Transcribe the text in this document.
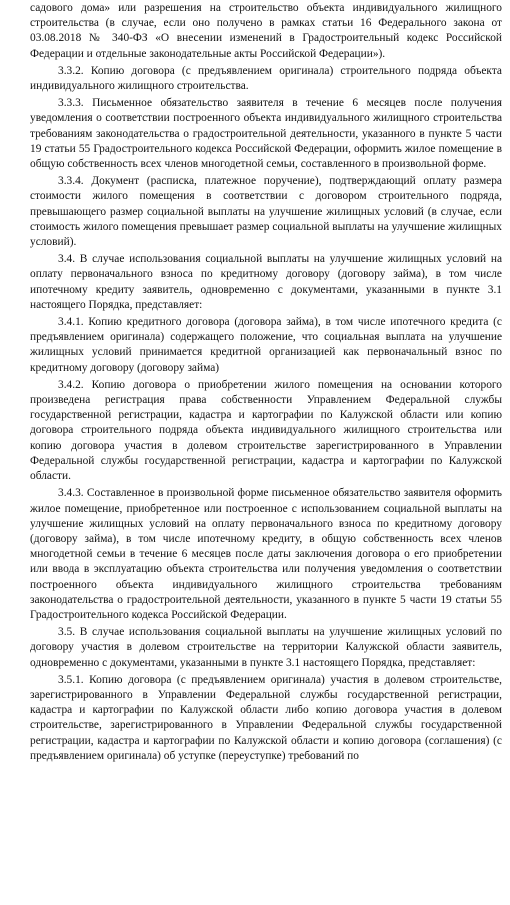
садового дома» или разрешения на строительство объекта индивидуального жилищного строительства (в случае, если оно получено в рамках статьи 16 Федерального закона от 03.08.2018 № 340-ФЗ «О внесении изменений в Градостроительный кодекс Российской Федерации и отдельные законодательные акты Российской Федерации»).

3.3.2. Копию договора (с предъявлением оригинала) строительного подряда объекта индивидуального жилищного строительства.

3.3.3. Письменное обязательство заявителя в течение 6 месяцев после получения уведомления о соответствии построенного объекта индивидуального жилищного строительства требованиям законодательства о градостроительной деятельности, указанного в пункте 5 части 19 статьи 55 Градостроительного кодекса Российской Федерации, оформить жилое помещение в общую собственность всех членов многодетной семьи, составленного в произвольной форме.

3.3.4. Документ (расписка, платежное поручение), подтверждающий оплату размера стоимости жилого помещения в соответствии с договором строительного подряда, превышающего размер социальной выплаты на улучшение жилищных условий (в случае, если стоимость жилого помещения превышает размер социальной выплаты на улучшение жилищных условий).

3.4. В случае использования социальной выплаты на улучшение жилищных условий на оплату первоначального взноса по кредитному договору (договору займа), в том числе ипотечному кредиту заявитель, одновременно с документами, указанными в пункте 3.1 настоящего Порядка, представляет:

3.4.1. Копию кредитного договора (договора займа), в том числе ипотечного кредита (с предъявлением оригинала) содержащего положение, что социальная выплата на улучшение жилищных условий принимается кредитной организацией как первоначальный взнос по кредитному договору (договору займа)

3.4.2. Копию договора о приобретении жилого помещения на основании которого произведена регистрация права собственности Управлением Федеральной службы государственной регистрации, кадастра и картографии по Калужской области или копию договора строительного подряда объекта индивидуального жилищного строительства или копию договора участия в долевом строительстве зарегистрированного в Управлении Федеральной службы государственной регистрации, кадастра и картографии по Калужской области.

3.4.3. Составленное в произвольной форме письменное обязательство заявителя оформить жилое помещение, приобретенное или построенное с использованием социальной выплаты на улучшение жилищных условий на оплату первоначального взноса по кредитному договору (договору займа), в том числе ипотечному кредиту, в общую собственность всех членов многодетной семьи в течение 6 месяцев после даты заключения договора о его приобретении или ввода в эксплуатацию объекта строительства или получения уведомления о соответствии построенного объекта индивидуального жилищного строительства требованиям законодательства о градостроительной деятельности, указанного в пункте 5 части 19 статьи 55 Градостроительного кодекса Российской Федерации.

3.5. В случае использования социальной выплаты на улучшение жилищных условий по договору участия в долевом строительстве на территории Калужской области заявитель, одновременно с документами, указанными в пункте 3.1 настоящего Порядка, представляет:

3.5.1. Копию договора (с предъявлением оригинала) участия в долевом строительстве, зарегистрированного в Управлении Федеральной службы государственной регистрации, кадастра и картографии по Калужской области либо копию договора участия в долевом строительстве, зарегистрированного в Управлении Федеральной службы государственной регистрации, кадастра и картографии по Калужской области и копию договора (соглашения) (с предъявлением оригинала) об уступке (переуступке) требований по
